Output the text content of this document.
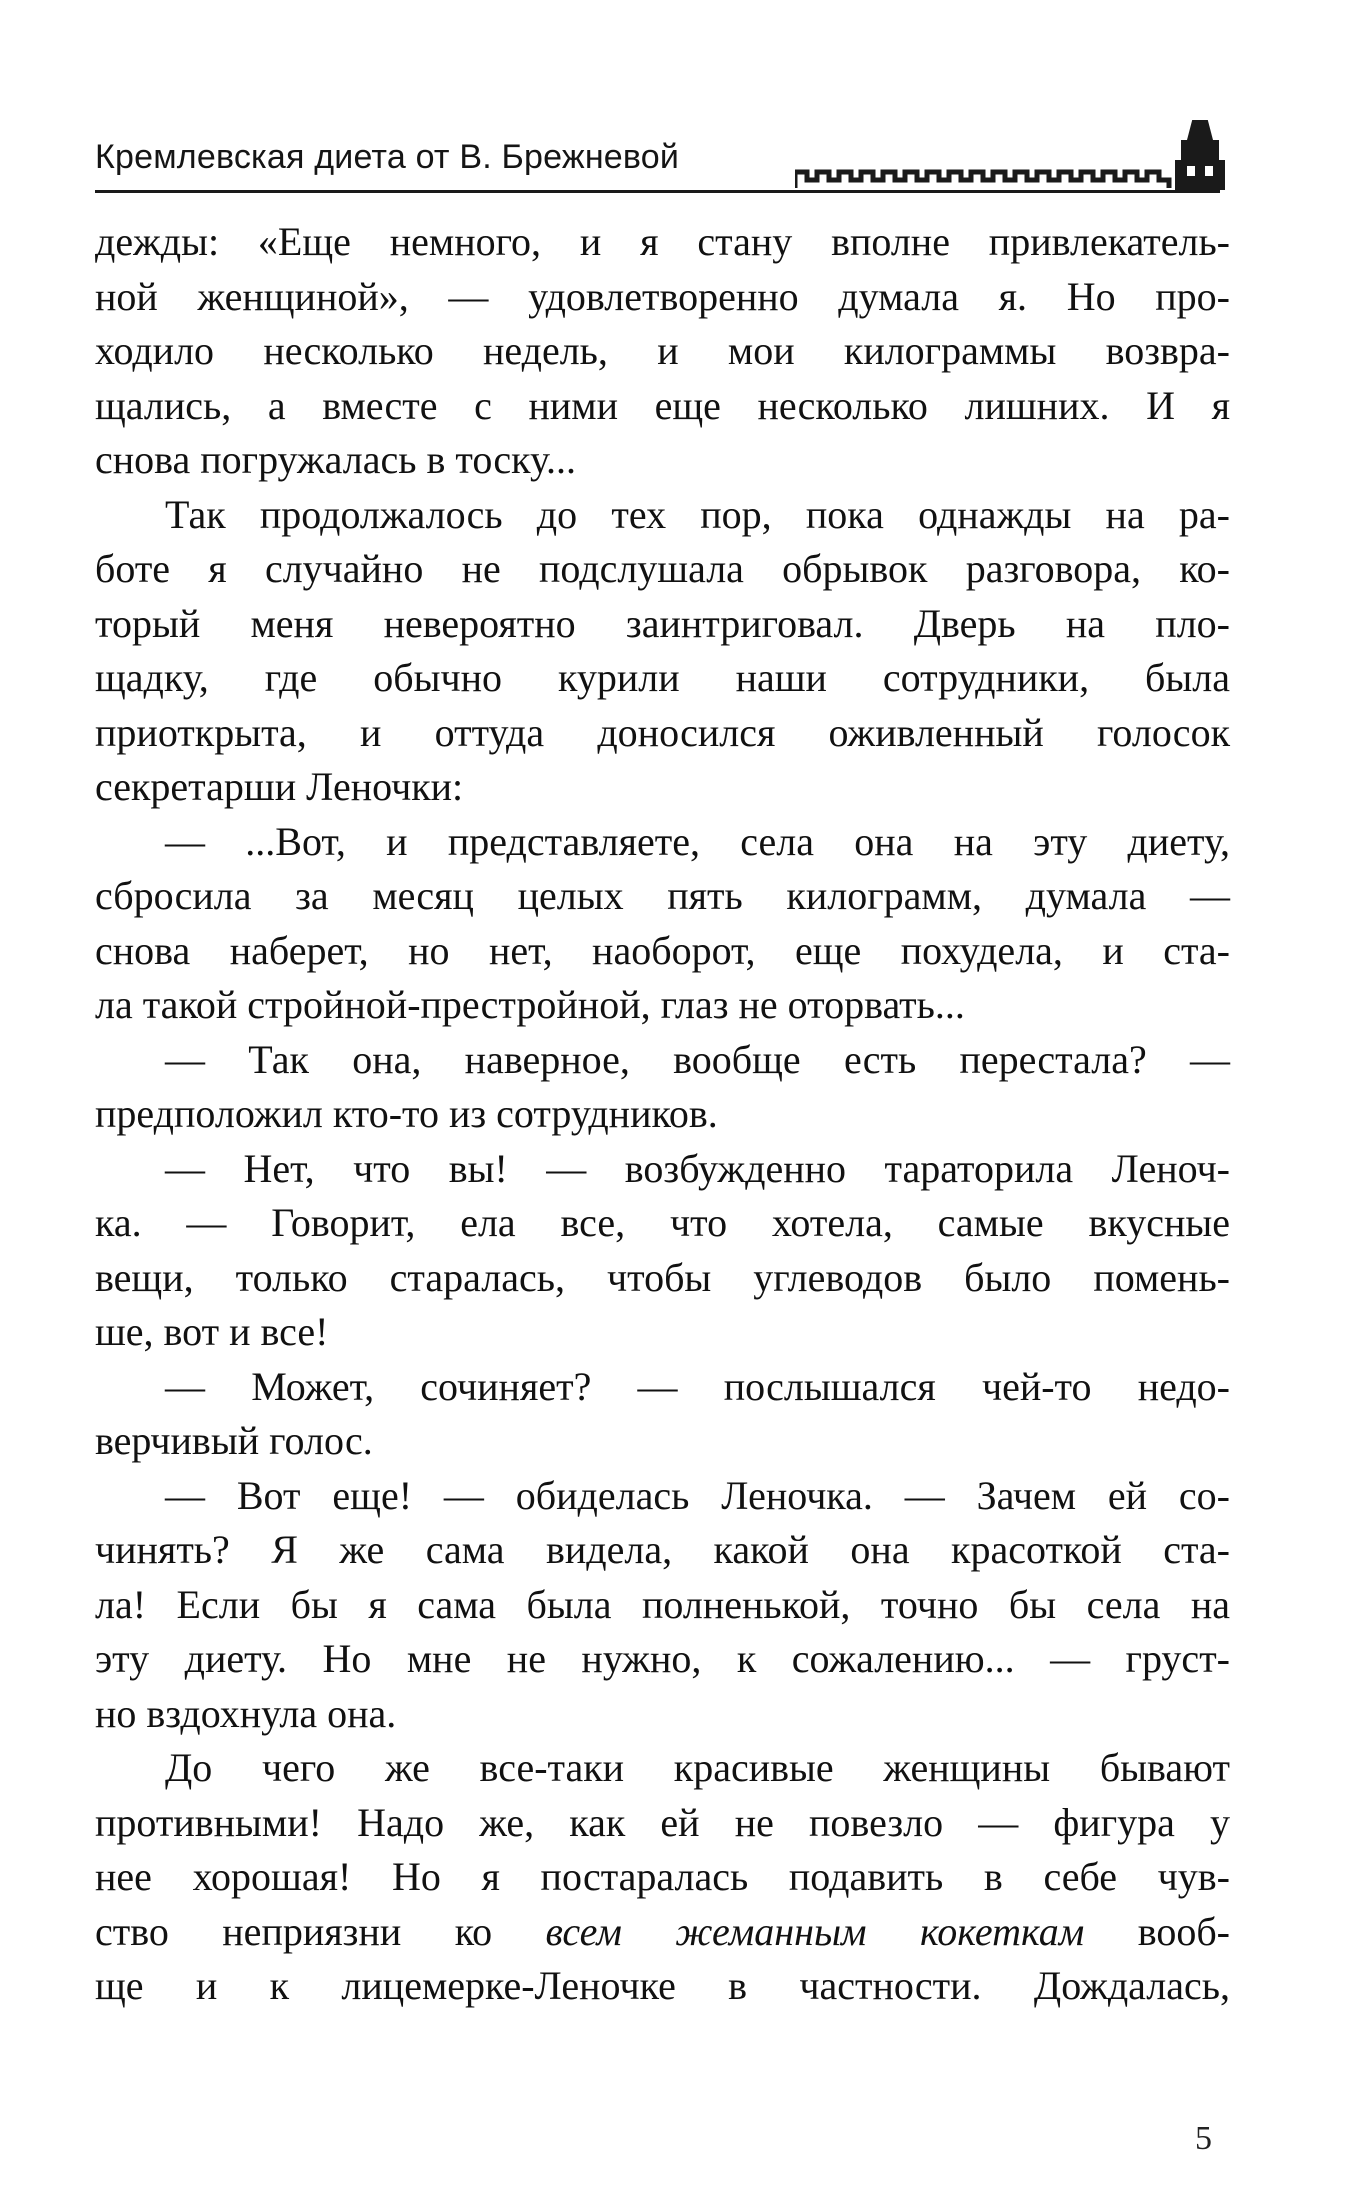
Кремлевская диета от В. Брежневой
дежды: «Еще немного, и я стану вполне привлекатель-
ной женщиной», — удовлетворенно думала я. Но про-
ходило несколько недель, и мои килограммы возвра-
щались, а вместе с ними еще несколько лишних. И я
снова погружалась в тоску...
Так продолжалось до тех пор, пока однажды на ра-
боте я случайно не подслушала обрывок разговора, ко-
торый меня невероятно заинтриговал. Дверь на пло-
щадку, где обычно курили наши сотрудники, была
приоткрыта, и оттуда доносился оживленный голосок
секретарши Леночки:
— ...Вот, и представляете, села она на эту диету,
сбросила за месяц целых пять килограмм, думала —
снова наберет, но нет, наоборот, еще похудела, и ста-
ла такой стройной-престройной, глаз не оторвать...
— Так она, наверное, вообще есть перестала? —
предположил кто-то из сотрудников.
— Нет, что вы! — возбужденно тараторила Леноч-
ка. — Говорит, ела все, что хотела, самые вкусные
вещи, только старалась, чтобы углеводов было помень-
ше, вот и все!
— Может, сочиняет? — послышался чей-то недо-
верчивый голос.
— Вот еще! — обиделась Леночка. — Зачем ей со-
чинять? Я же сама видела, какой она красоткой ста-
ла! Если бы я сама была полненькой, точно бы села на
эту диету. Но мне не нужно, к сожалению... — груст-
но вздохнула она.
До чего же все-таки красивые женщины бывают
противными! Надо же, как ей не повезло — фигура у
нее хорошая! Но я постаралась подавить в себе чув-
ство неприязни ко всем жеманным кокеткам вооб-
ще и к лицемерке-Леночке в частности. Дождалась,
5
